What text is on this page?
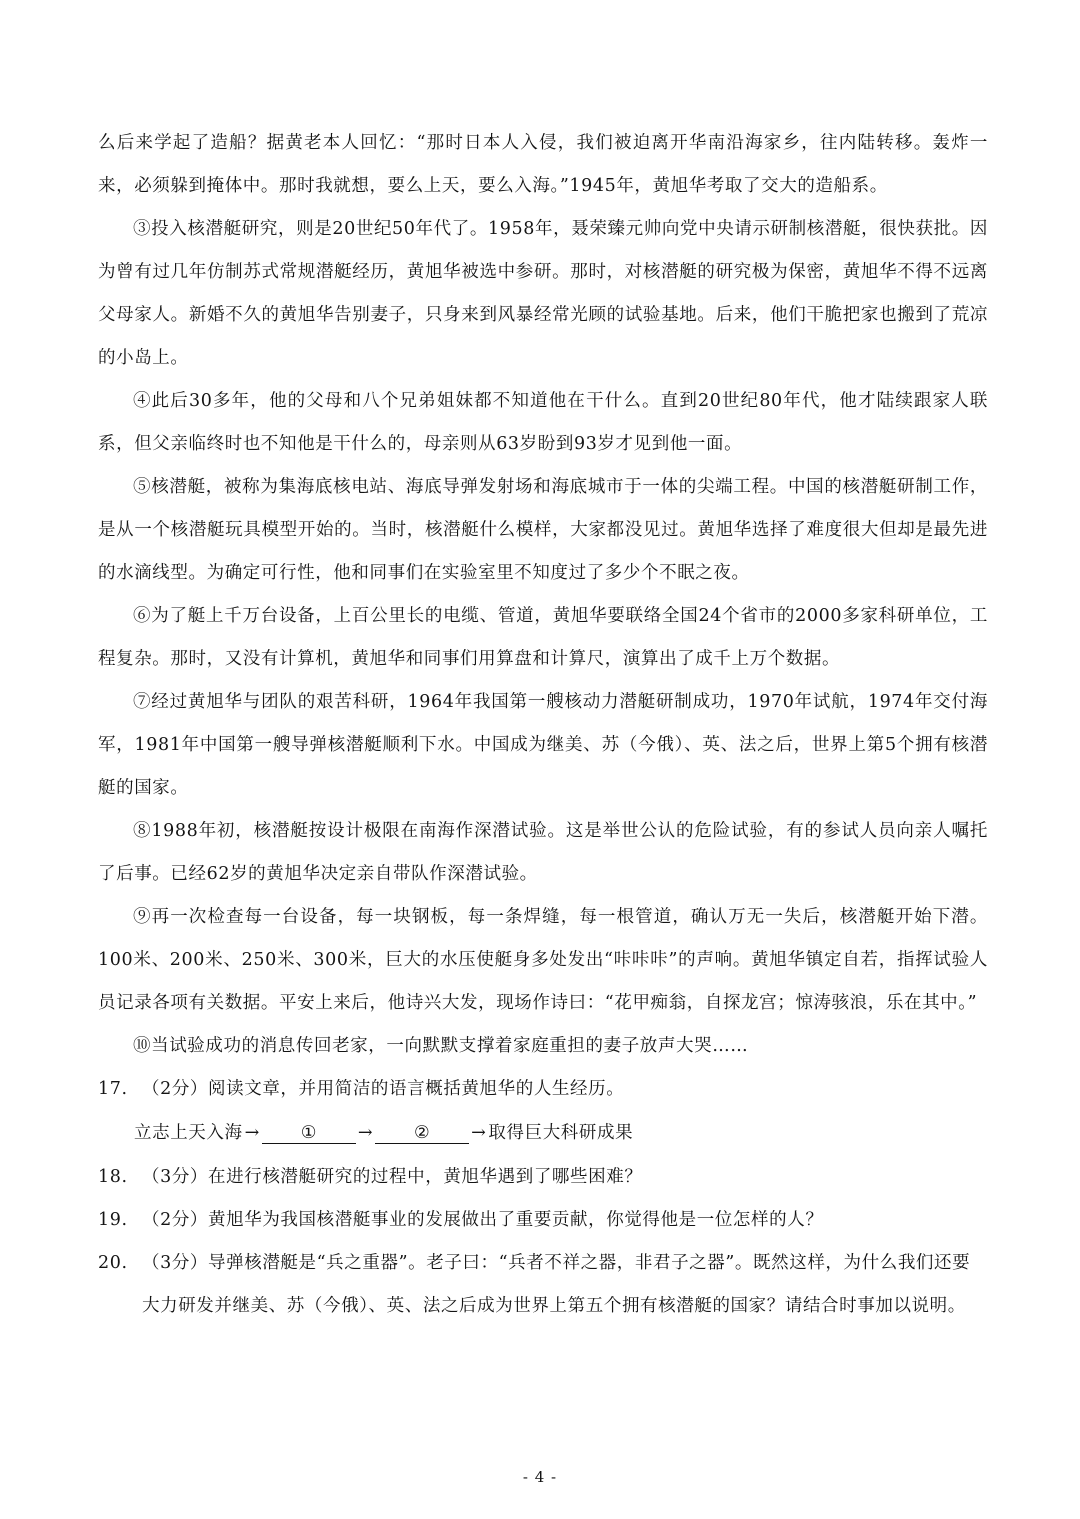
么后来学起了造船？据黄老本人回忆：“那时日本人入侵，我们被迫离开华南沿海家乡，往内陆转移。轰炸一来，必须躲到掩体中。那时我就想，要么上天，要么入海。”1945年，黄旭华考取了交大的造船系。

③投入核潜艇研究，则是20世纪50年代了。1958年，聂荣臻元帅向党中央请示研制核潜艇，很快获批。因为曾有过几年仿制苏式常规潜艇经历，黄旭华被选中参研。那时，对核潜艇的研究极为保密，黄旭华不得不远离父母家人。新婚不久的黄旭华告别妻子，只身来到风暴经常光顾的试验基地。后来，他们干脆把家也搬到了荒凉的小岛上。

④此后30多年，他的父母和八个兄弟姐妹都不知道他在干什么。直到20世纪80年代，他才陆续跟家人联系，但父亲临终时也不知他是干什么的，母亲则从63岁盼到93岁才见到他一面。

⑤核潜艇，被称为集海底核电站、海底导弹发射场和海底城市于一体的尖端工程。中国的核潜艇研制工作，是从一个核潜艇玩具模型开始的。当时，核潜艇什么模样，大家都没见过。黄旭华选择了难度很大但却是最先进的水滴线型。为确定可行性，他和同事们在实验室里不知度过了多少个不眠之夜。

⑥为了艇上千万台设备，上百公里长的电缆、管道，黄旭华要联络全国24个省市的2000多家科研单位，工程复杂。那时，又没有计算机，黄旭华和同事们用算盘和计算尺，演算出了成千上万个数据。

⑦经过黄旭华与团队的艰苦科研，1964年我国第一艘核动力潜艇研制成功，1970年试航，1974年交付海军，1981年中国第一艘导弹核潜艇顺利下水。中国成为继美、苏（今俄）、英、法之后，世界上第5个拥有核潜艇的国家。

⑧1988年初，核潜艇按设计极限在南海作深潜试验。这是举世公认的危险试验，有的参试人员向亲人嘱托了后事。已经62岁的黄旭华决定亲自带队作深潜试验。

⑨再一次检查每一台设备，每一块钢板，每一条焊缝，每一根管道，确认万无一失后，核潜艇开始下潜。100米、200米、250米、300米，巨大的水压使艇身多处发出“咔咔咔”的声响。黄旭华镇定自若，指挥试验人员记录各项有关数据。平安上来后，他诗兴大发，现场作诗曰：“花甲痴翁，自探龙宫；惊涛骇浪，乐在其中。”

⑩当试验成功的消息传回老家，一向默默支撑着家庭重担的妻子放声大哭……

17. （2分）阅读文章，并用简洁的语言概括黄旭华的人生经历。

立志上天入海 → ① → ② → 取得巨大科研成果

18. （3分）在进行核潜艇研究的过程中，黄旭华遇到了哪些困难？

19. （2分）黄旭华为我国核潜艇事业的发展做出了重要贡献，你觉得他是一位怎样的人？

20. （3分）导弹核潜艇是“兵之重器”。老子曰：“兵者不祥之器，非君子之器”。既然这样，为什么我们还要大力研发并继美、苏（今俄）、英、法之后成为世界上第五个拥有核潜艇的国家？请结合时事加以说明。

- 4 -
